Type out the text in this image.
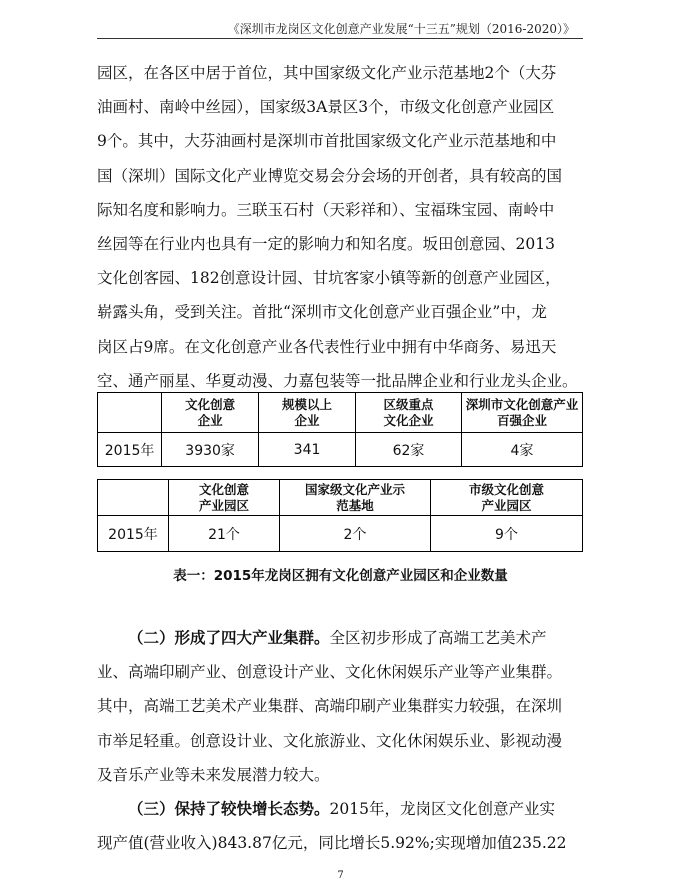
《深圳市龙岗区文化创意产业发展“十三五”规划（2016-2020）》

园区，在各区中居于首位，其中国家级文化产业示范基地2个（大芬

油画村、南岭中丝园），国家级3A景区3个，市级文化创意产业园区

9个。其中，大芬油画村是深圳市首批国家级文化产业示范基地和中

国（深圳）国际文化产业博览交易会分会场的开创者，具有较高的国

际知名度和影响力。三联玉石村（天彩祥和）、宝福珠宝园、南岭中

丝园等在行业内也具有一定的影响力和知名度。坂田创意园、2013

文化创客园、182创意设计园、甘坑客家小镇等新的创意产业园区，

崭露头角，受到关注。首批“深圳市文化创意产业百强企业”中，龙

岗区占9席。在文化创意产业各代表性行业中拥有中华商务、易迅天

空、通产丽星、华夏动漫、力嘉包装等一批品牌企业和行业龙头企业。

	文化创意企业	规模以上企业	区级重点文化企业	深圳市文化创意产业百强企业

2015年	3930家	341	62家	4家

	文化创意产业园区	国家级文化产业示范基地	市级文化创意产业园区

2015年	21个	2个	9个
表一：2015年龙岗区拥有文化创意产业园区和企业数量

（二）形成了四大产业集群。全区初步形成了高端工艺美术产

业、高端印刷产业、创意设计产业、文化休闲娱乐产业等产业集群。

其中，高端工艺美术产业集群、高端印刷产业集群实力较强，在深圳

市举足轻重。创意设计业、文化旅游业、文化休闲娱乐业、影视动漫

及音乐产业等未来发展潜力较大。

（三）保持了较快增长态势。2015年，龙岗区文化创意产业实

现产值(营业收入)843.87亿元，同比增长5.92%;实现增加值235.22

7
